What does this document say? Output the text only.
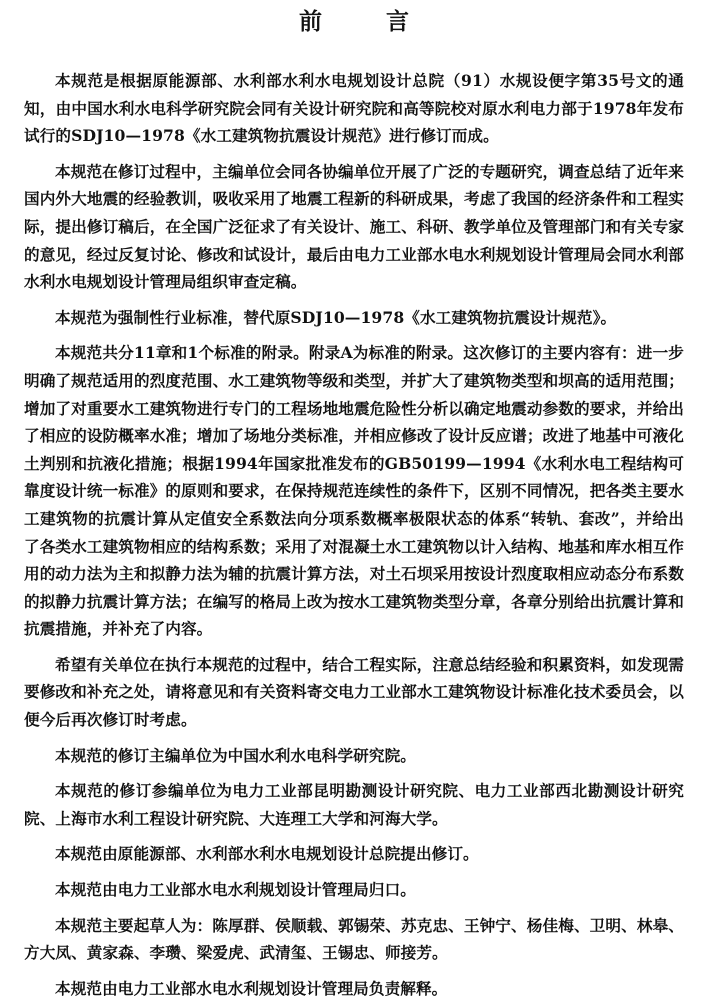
前 言

本规范是根据原能源部、水利部水利水电规划设计总院（91）水规设便字第35号文的通知，由中国水利水电科学研究院会同有关设计研究院和高等院校对原水利电力部于1978年发布试行的SDJ10—1978《水工建筑物抗震设计规范》进行修订而成。

本规范在修订过程中，主编单位会同各协编单位开展了广泛的专题研究，调查总结了近年来国内外大地震的经验教训，吸收采用了地震工程新的科研成果，考虑了我国的经济条件和工程实际，提出修订稿后，在全国广泛征求了有关设计、施工、科研、教学单位及管理部门和有关专家的意见，经过反复讨论、修改和试设计，最后由电力工业部水电水利规划设计管理局会同水利部水利水电规划设计管理局组织审查定稿。

本规范为强制性行业标准，替代原SDJ10—1978《水工建筑物抗震设计规范》。

本规范共分11章和1个标准的附录。附录A为标准的附录。这次修订的主要内容有：进一步明确了规范适用的烈度范围、水工建筑物等级和类型，并扩大了建筑物类型和坝高的适用范围；增加了对重要水工建筑物进行专门的工程场地地震危险性分析以确定地震动参数的要求，并给出了相应的设防概率水准；增加了场地分类标准，并相应修改了设计反应谱；改进了地基中可液化土判别和抗液化措施；根据1994年国家批准发布的GB50199—1994《水利水电工程结构可靠度设计统一标准》的原则和要求，在保持规范连续性的条件下，区别不同情况，把各类主要水工建筑物的抗震计算从定值安全系数法向分项系数概率极限状态的体系“转轨、套改”，并给出了各类水工建筑物相应的结构系数；采用了对混凝土水工建筑物以计入结构、地基和库水相互作用的动力法为主和拟静力法为辅的抗震计算方法，对土石坝采用按设计烈度取相应动态分布系数的拟静力抗震计算方法；在编写的格局上改为按水工建筑物类型分章，各章分别给出抗震计算和抗震措施，并补充了内容。

希望有关单位在执行本规范的过程中，结合工程实际，注意总结经验和积累资料，如发现需要修改和补充之处，请将意见和有关资料寄交电力工业部水工建筑物设计标准化技术委员会，以便今后再次修订时考虑。

本规范的修订主编单位为中国水利水电科学研究院。

本规范的修订参编单位为电力工业部昆明勘测设计研究院、电力工业部西北勘测设计研究院、上海市水利工程设计研究院、大连理工大学和河海大学。

本规范由原能源部、水利部水利水电规划设计总院提出修订。

本规范由电力工业部水电水利规划设计管理局归口。

本规范主要起草人为：陈厚群、侯顺载、郭锡荣、苏克忠、王钟宁、杨佳梅、卫明、林皋、方大凤、黄家森、李瓒、梁爱虎、武清玺、王锡忠、师接芳。

本规范由电力工业部水电水利规划设计管理局负责解释。
